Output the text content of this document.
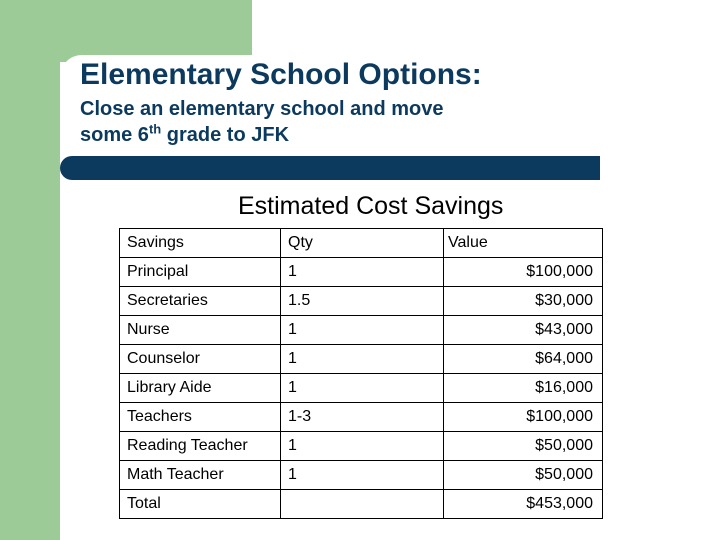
Elementary School Options:
Close an elementary school and move
some 6th grade to JFK
Estimated Cost Savings
Savings	Qty	Value
Principal	1	$100,000
Secretaries	1.5	$30,000
Nurse	1	$43,000
Counselor	1	$64,000
Library Aide	1	$16,000
Teachers	1-3	$100,000
Reading Teacher	1	$50,000
Math Teacher	1	$50,000
Total		$453,000
